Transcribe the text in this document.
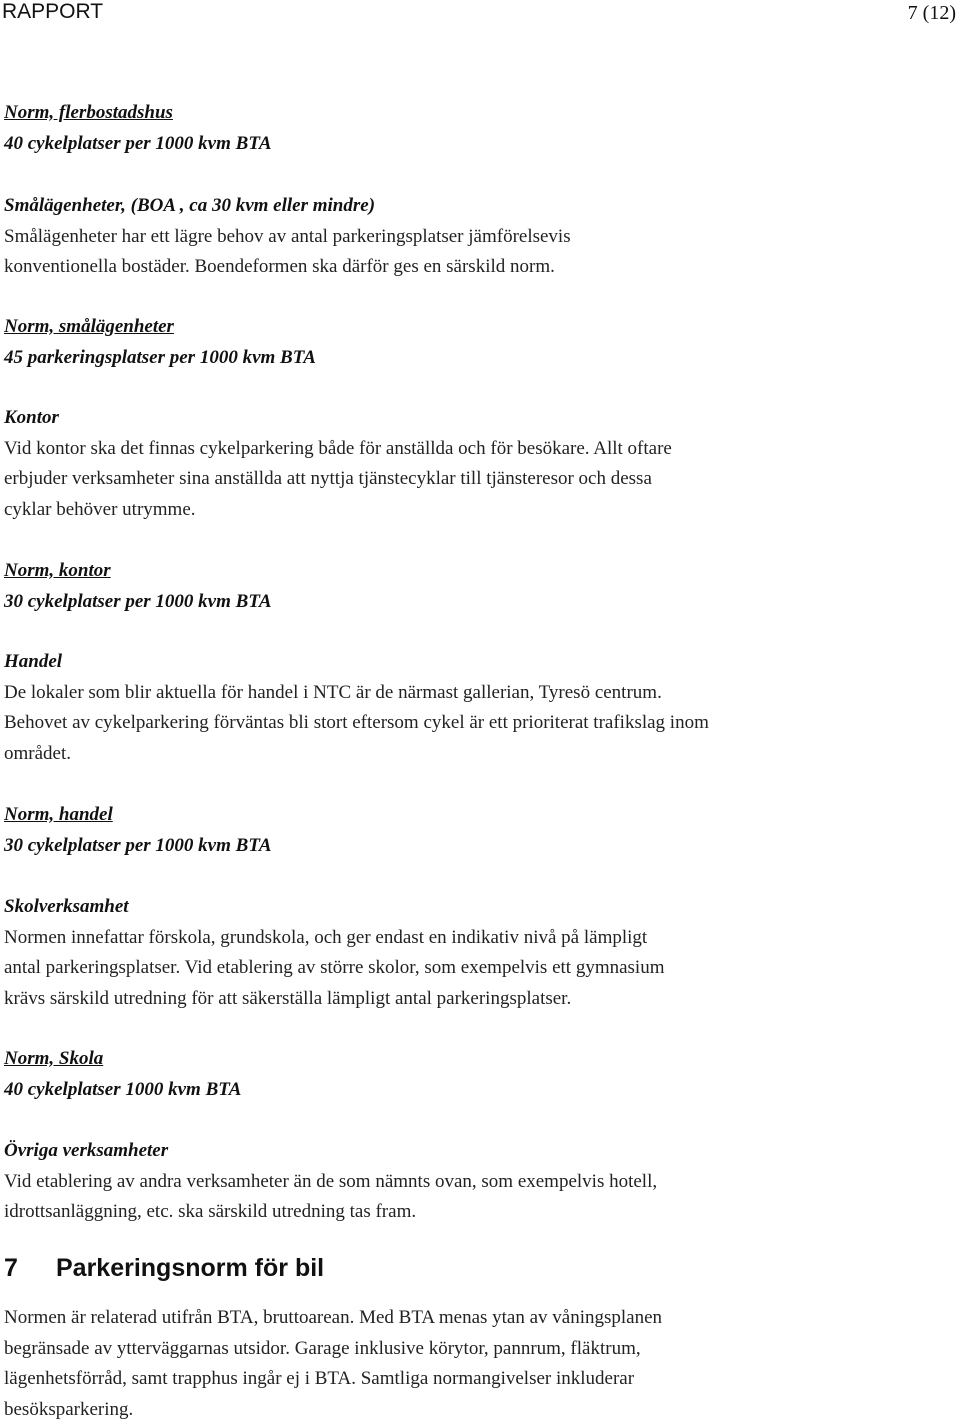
RAPPORT	7 (12)
Norm, flerbostadshus
40 cykelplatser per 1000 kvm BTA
Smålägenheter, (BOA , ca 30 kvm eller mindre)
Smålägenheter har ett lägre behov av antal parkeringsplatser jämförelsevis
konventionella bostäder. Boendeformen ska därför ges en särskild norm.
Norm, smålägenheter
45 parkeringsplatser per 1000 kvm BTA
Kontor
Vid kontor ska det finnas cykelparkering både för anställda och för besökare. Allt oftare
erbjuder verksamheter sina anställda att nyttja tjänstecyklar till tjänsteresor och dessa
cyklar behöver utrymme.
Norm, kontor
30 cykelplatser per 1000 kvm BTA
Handel
De lokaler som blir aktuella för handel i NTC är de närmast gallerian, Tyresö centrum.
Behovet av cykelparkering förväntas bli stort eftersom cykel är ett prioriterat trafikslag inom
området.
Norm, handel
30 cykelplatser per 1000 kvm BTA
Skolverksamhet
Normen innefattar förskola, grundskola, och ger endast en indikativ nivå på lämpligt
antal parkeringsplatser. Vid etablering av större skolor, som exempelvis ett gymnasium
krävs särskild utredning för att säkerställa lämpligt antal parkeringsplatser.
Norm, Skola
40 cykelplatser 1000 kvm BTA
Övriga verksamheter
Vid etablering av andra verksamheter än de som nämnts ovan, som exempelvis hotell,
idrottsanläggning, etc. ska särskild utredning tas fram.
7 Parkeringsnorm för bil
Normen är relaterad utifrån BTA, bruttoarean. Med BTA menas ytan av våningsplanen
begränsade av ytterväggarnas utsidor. Garage inklusive körytor, pannrum, fläktrum,
lägenhetsförråd, samt trapphus ingår ej i BTA. Samtliga normangivelser inkluderar
besöksparkering.
